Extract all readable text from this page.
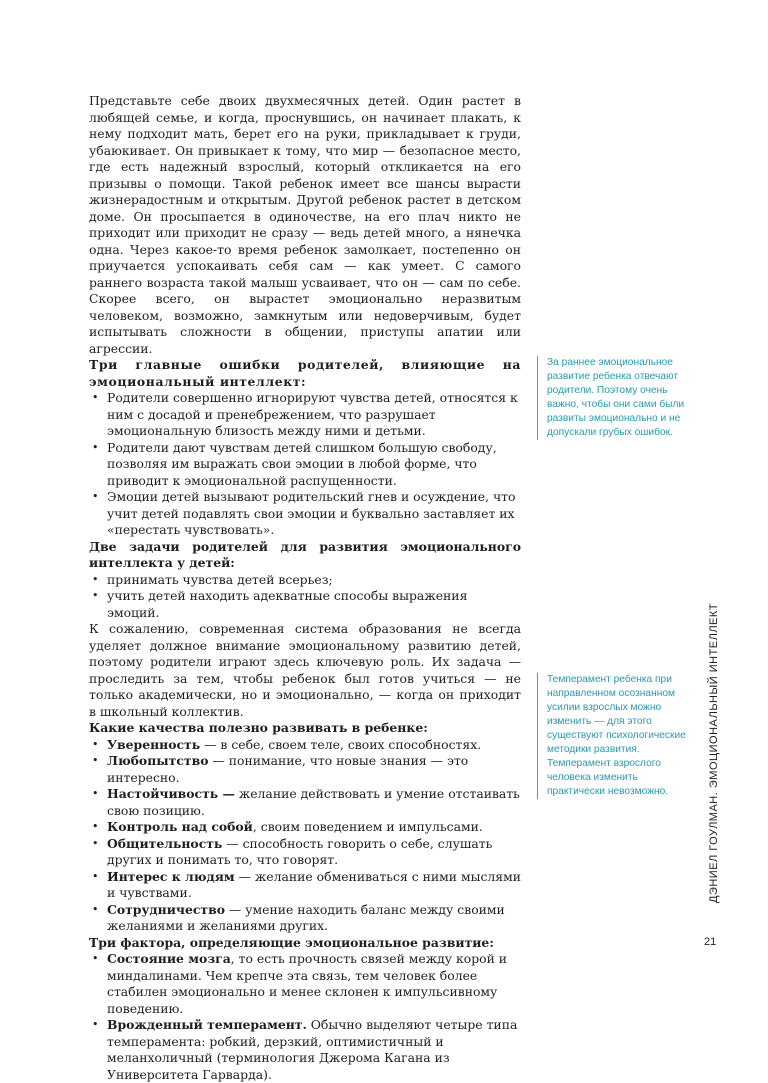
Представьте себе двоих двухмесячных детей. Один растет в любящей семье, и когда, проснувшись, он начинает плакать, к нему подходит мать, берет его на руки, прикладывает к груди, убаюкивает. Он привыкает к тому, что мир — безопасное место, где есть надежный взрослый, который откликается на его призывы о помощи. Такой ребенок имеет все шансы вырасти жизнерадостным и открытым. Другой ребенок растет в детском доме. Он просыпается в одиночестве, на его плач никто не приходит или приходит не сразу — ведь детей много, а нянечка одна. Через какое-то время ребенок замолкает, постепенно он приучается успокаивать себя сам — как умеет. С самого раннего возраста такой малыш усваивает, что он — сам по себе. Скорее всего, он вырастет эмоционально неразвитым человеком, возможно, замкнутым или недоверчивым, будет испытывать сложности в общении, приступы апатии или агрессии.

Три главные ошибки родителей, влияющие на эмоциональный интеллект:
• Родители совершенно игнорируют чувства детей, относятся к ним с досадой и пренебрежением, что разрушает эмоциональную близость между ними и детьми.
• Родители дают чувствам детей слишком большую свободу, позволяя им выражать свои эмоции в любой форме, что приводит к эмоциональной распущенности.
• Эмоции детей вызывают родительский гнев и осуждение, что учит детей подавлять свои эмоции и буквально заставляет их «перестать чувствовать».
Две задачи родителей для развития эмоционального интеллекта у детей:
• принимать чувства детей всерьез;
• учить детей находить адекватные способы выражения эмоций.

К сожалению, современная система образования не всегда уделяет должное внимание эмоциональному развитию детей, поэтому родители играют здесь ключевую роль. Их задача — проследить за тем, чтобы ребенок был готов учиться — не только академически, но и эмоционально, — когда он приходит в школьный коллектив.

Какие качества полезно развивать в ребенке:
• Уверенность — в себе, своем теле, своих способностях.
• Любопытство — понимание, что новые знания — это интересно.
• Настойчивость — желание действовать и умение отстаивать свою позицию.
• Контроль над собой, своим поведением и импульсами.
• Общительность — способность говорить о себе, слушать других и понимать то, что говорят.
• Интерес к людям — желание обмениваться с ними мыслями и чувствами.
• Сотрудничество — умение находить баланс между своими желаниями и желаниями других.
Три фактора, определяющие эмоциональное развитие:
• Состояние мозга, то есть прочность связей между корой и миндалинами. Чем крепче эта связь, тем человек более стабилен эмоционально и менее склонен к импульсивному поведению.
• Врожденный темперамент. Обычно выделяют четыре типа темперамента: робкий, дерзкий, оптимистичный и меланхоличный (терминология Джерома Кагана из Университета Гарварда).
За раннее эмоциональное развитие ребенка отвечают родители. Поэтому очень важно, чтобы они сами были развиты эмоционально и не допускали грубых ошибок.
Темперамент ребенка при направленном осознанном усилии взрослых можно изменить — для этого существуют психологические методики развития. Темперамент взрослого человека изменить практически невозможно.	ДЭНИЕЛ ГОУЛМАН. ЭМОЦИОНАЛЬНЫЙ ИНТЕЛЛЕКТ
21
